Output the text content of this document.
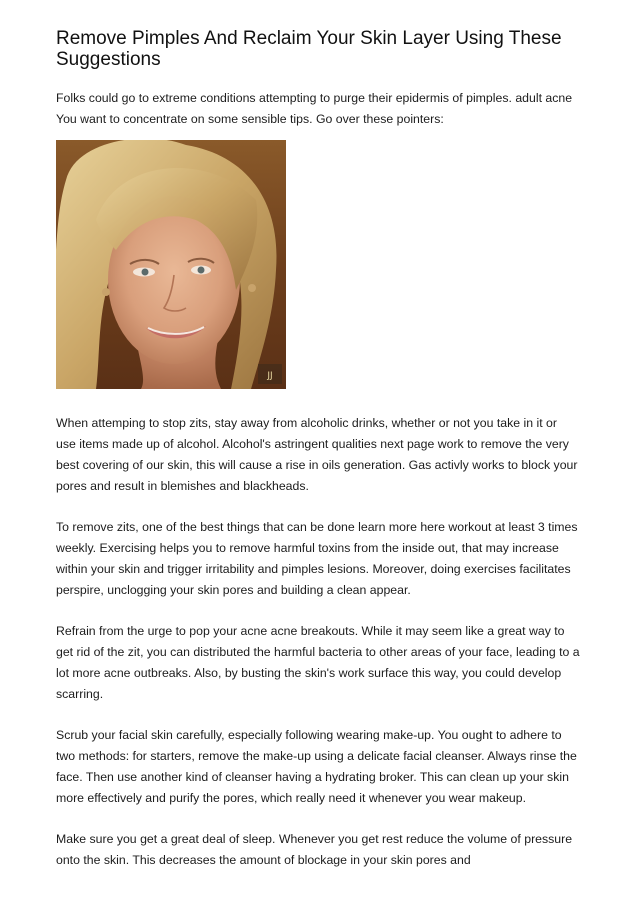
Remove Pimples And Reclaim Your Skin Layer Using These Suggestions

Folks could go to extreme conditions attempting to purge their epidermis of pimples. adult acne You want to concentrate on some sensible tips. Go over these pointers:

JJ

When attemping to stop zits, stay away from alcoholic drinks, whether or not you take in it or use items made up of alcohol. Alcohol's astringent qualities next page work to remove the very best covering of our skin, this will cause a rise in oils generation. Gas activly works to block your pores and result in blemishes and blackheads.

To remove zits, one of the best things that can be done learn more here workout at least 3 times weekly. Exercising helps you to remove harmful toxins from the inside out, that may increase within your skin and trigger irritability and pimples lesions. Moreover, doing exercises facilitates perspire, unclogging your skin pores and building a clean appear.

Refrain from the urge to pop your acne acne breakouts. While it may seem like a great way to get rid of the zit, you can distributed the harmful bacteria to other areas of your face, leading to a lot more acne outbreaks. Also, by busting the skin's work surface this way, you could develop scarring.

Scrub your facial skin carefully, especially following wearing make-up. You ought to adhere to two methods: for starters, remove the make-up using a delicate facial cleanser. Always rinse the face. Then use another kind of cleanser having a hydrating broker. This can clean up your skin more effectively and purify the pores, which really need it whenever you wear makeup.

Make sure you get a great deal of sleep. Whenever you get rest reduce the volume of pressure onto the skin. This decreases the amount of blockage in your skin pores and
